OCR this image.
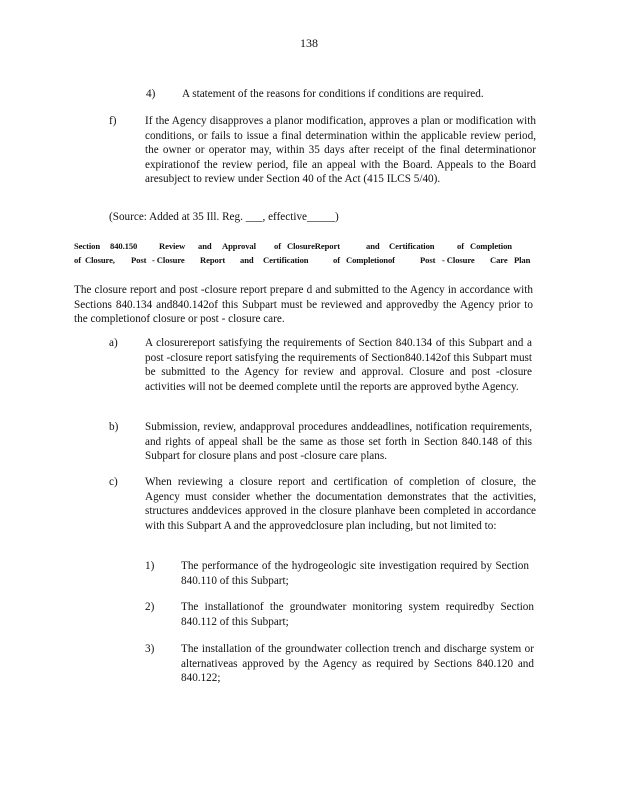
138
4) A statement of the reasons for conditions if conditions are required.
f)	If the Agency disapproves a planor modification, approves a plan or modification with conditions, or fails to issue a final determination within the applicable review period, the owner or operator may, within 35 days after receipt of the final determinationor expirationof the review period, file an appeal with the Board. Appeals to the Board aresubject to review under Section 40 of the Act (415 ILCS 5/40).
(Source: Added at 35 Ill. Reg. ___, effective_____)
Section 840.150	Review and Approval of ClosureReport	and Certification	of Completion
of Closure, Post - Closure Report and Certification	of Completionof	Post - Closure Care Plan
The closure report and post -closure report prepare d and submitted to the Agency in accordance with Sections 840.134 and840.142of this Subpart must be reviewed and approvedby the Agency prior to the completionof closure or post - closure care.
a) A closurereport satisfying the requirements of Section 840.134 of this Subpart and a post -closure report satisfying the requirements of Section840.142of this Subpart must be submitted to the Agency for review and approval. Closure and post -closure activities will not be deemed complete until the reports are approved bythe Agency.
b) Submission, review, andapproval procedures anddeadlines, notification requirements, and rights of appeal shall be the same as those set forth in Section 840.148 of this Subpart for closure plans and post -closure care plans.
c) When reviewing a closure report and certification of completion of closure, the Agency must consider whether the documentation demonstrates that the activities, structures anddevices approved in the closure planhave been completed in accordance with this Subpart A and the approvedclosure plan including, but not limited to:
1) The performance of the hydrogeologic site investigation required by Section 840.110 of this Subpart;
2) The installationof the groundwater monitoring system requiredby Section 840.112 of this Subpart;
3) The installation of the groundwater collection trench and discharge system or alternativeas approved by the Agency as required by Sections 840.120 and 840.122;
